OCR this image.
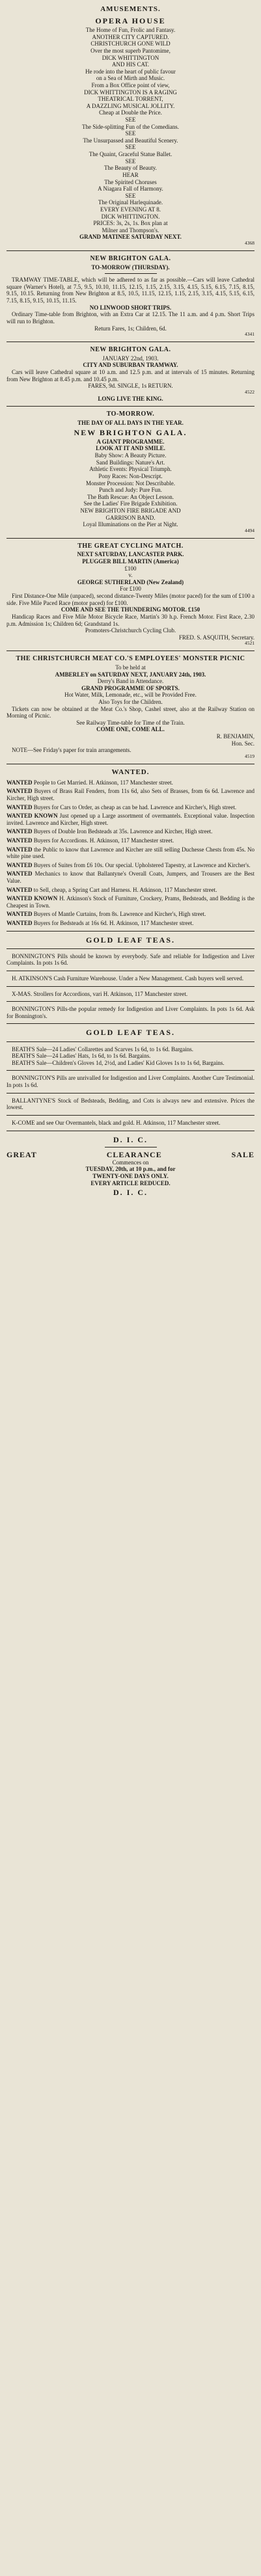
AMUSEMENTS.
OPERA HOUSE
The Home of Fun, Frolic and Fantasy.
ANOTHER CITY CAPTURED.
CHRISTCHURCH GONE WILD
Over the most superb Pantomime,
DICK WHITTINGTON
AND HIS CAT.
He rode into the heart of public favour
on a Sea of Mirth and Music.
From a Box Office point of view,
DICK WHITTINGTON IS A RAGING
THEATRICAL TORRENT,
A DAZZLING MUSICAL JOLLITY.
Cheap at Double the Price.
SEE
The Side-splitting Fun of the Comedians.
SEE
The Unsurpassed and Beautiful Scenery.
SEE
The Quaint, Graceful Statue Ballet.
SEE
The Beauty of Beauty.
HEAR
The Spirited Choruses
A Niagara Fall of Harmony.
SEE
The Original Harlequinade.
EVERY EVENING AT 8.
DICK WHITTINGTON.
PRICES: 3s, 2s, 1s. Box plan at
Milner and Thompson's.
GRAND MATINEE SATURDAY NEXT.
4368
NEW BRIGHTON GALA.
TO-MORROW (THURSDAY).

TRAMWAY TIME-TABLE, which will be adhered to as far as possible.—Cars will leave Cathedral square (Warner's Hotel), at 7.5, 9.5, 10.10, 11.15, 12.15, 1.15, 2.15, 3.15, 4.15, 5.15, 6.15, 7.15, 8.15, 9.15, 10.15. Returning from New Brighton at 8.5, 10.5, 11.15, 12.15, 1.15, 2.15, 3.15, 4.15, 5.15, 6.15, 7.15, 8.15, 9.15, 10.15, 11.15.

NO LINWOOD SHORT TRIPS.

Ordinary Time-table from Brighton, with an Extra Car at 12.15. The 11 a.m. and 4 p.m. Short Trips will run to Brighton.

Return Fares, 1s; Children, 6d.
4341
NEW BRIGHTON GALA.
JANUARY 22nd, 1903.
CITY AND SUBURBAN TRAMWAY.

Cars will leave Cathedral square at 10 a.m. and 12.5 p.m. and at intervals of 15 minutes. Returning from New Brighton at 8.45 p.m. and 10.45 p.m.

FARES, 9d. SINGLE, 1s RETURN.
4522
LONG LIVE THE KING.
TO-MORROW.
THE DAY OF ALL DAYS IN THE YEAR.
NEW BRIGHTON GALA.
A GIANT PROGRAMME.
LOOK AT IT AND SMILE.
Baby Show: A Beauty Picture.
Sand Buildings: Nature's Art.
Athletic Events: Physical Triumph.
Pony Races: Non-Descript.
Monster Procession: Not Describable.
Punch and Judy: Pure Fun.
The Bath Rescue: An Object Lesson.
See the Ladies' Fire Brigade Exhibition.
NEW BRIGHTON FIRE BRIGADE AND
GARRISON BAND.
Loyal Illuminations on the Pier at Night.
4494
THE GREAT CYCLING MATCH.
NEXT SATURDAY, LANCASTER PARK.
PLUGGER BILL MARTIN (America)
£100
v.
GEORGE SUTHERLAND (New Zealand)
For £100

First Distance-One Mile (unpaced), second distance-Twenty Miles (motor paced) for the sum of £100 a side. Five Mile Paced Race (motor paced) for £100.

COME AND SEE THE THUNDERING MOTOR. £150

Handicap Races and Five Mile Motor Bicycle Race, Martin's 30 h.p. French Motor. First Race, 2.30 p.m. Admission 1s; Children 6d; Grandstand 1s.

Promoters-Christchurch Cycling Club.
FRED. S. ASQUITH, Secretary.
4521
THE CHRISTCHURCH MEAT CO.'S EMPLOYEES' MONSTER PICNIC
To be held at
AMBERLEY on SATURDAY NEXT, JANUARY 24th, 1903.
Derry's Band in Attendance.
GRAND PROGRAMME OF SPORTS.
Hot Water, Milk, Lemonade, etc., will be Provided Free.
Also Toys for the Children.

Tickets can now be obtained at the Meat Co.'s Shop, Cashel street, also at the Railway Station on Morning of Picnic.

See Railway Time-table for Time of the Train.
COME ONE, COME ALL.
R. BENJAMIN,
Hon. Sec.

NOTE—See Friday's paper for train arrangements.

4519
WANTED.

WANTED People to Get Married. H. Atkinson, 117 Manchester street.

WANTED Buyers of Brass Rail Fenders, from 11s 6d, also Sets of Brasses, from 6s 6d. Lawrence and Kircher, High street.

WANTED Buyers for Cars to Order, as cheap as can be had. Lawrence and Kircher's, High street.

WANTED KNOWN Just opened up a Large assortment of overmantels. Exceptional value. Inspection invited. Lawrence and Kircher, High street.

WANTED Buyers of Double Iron Bedsteads at 35s. Lawrence and Kircher, High street.

WANTED Buyers for Accordions. H. Atkinson, 117 Manchester street.

WANTED the Public to know that Lawrence and Kircher are still selling Duchesse Chests from 45s. No white pine used.

WANTED Buyers of Suites from £6 10s. Our special. Upholstered Tapestry, at Lawrence and Kircher's.

WANTED Mechanics to know that Ballantyne's Overall Coats, Jumpers, and Trousers are the Best Value.

WANTED to Sell, cheap, a Spring Cart and Harness. H. Atkinson, 117 Manchester street.

WANTED KNOWN H. Atkinson's Stock of Furniture, Crockery, Prams, Bedsteads, and Bedding is the Cheapest in Town.

WANTED Buyers of Mantle Curtains, from 8s. Lawrence and Kircher's, High street.

WANTED Buyers for Bedsteads at 16s 6d. H. Atkinson, 117 Manchester street.

GOLD LEAF TEAS.

BONNINGTON'S Pills should be known by everybody. Safe and reliable for Indigestion and Liver Complaints. In pots 1s 6d.

H. ATKINSON'S Cash Furniture Warehouse. Under a New Management. Cash buyers well served.

X-MAS. Strollers for Accordions, vari H. Atkinson, 117 Manchester street.

BONNINGTON'S Pills-the popular remedy for Indigestion and Liver Complaints. In pots 1s 6d. Ask for Bonnington's.

GOLD LEAF TEAS.

BEATH'S Sale—24 Ladies' Collarettes and Scarves 1s 6d, to 1s 6d. Bargains.

BEATH'S Sale—24 Ladies' Hats, 1s 6d, to 1s 6d. Bargains.

BEATH'S Sale—Children's Gloves 1d, 2½d, and Ladies' Kid Gloves 1s to 1s 6d, Bargains.

BONNINGTON'S Pills are unrivalled for Indigestion and Liver Complaints. Another Cure Testimonial. In pots 1s 6d.

BALLANTYNE'S Stock of Bedsteads, Bedding, and Cots is always new and extensive. Prices the lowest.

K-COME and see Our Overmantels, black and gold. H. Atkinson, 117 Manchester street.

D. I. C.
GREAT	CLEARANCE	SALE
Commences on
TUESDAY, 20th, at 10 p.m., and for
TWENTY-ONE DAYS ONLY.
EVERY ARTICLE REDUCED.
D. I. C.
